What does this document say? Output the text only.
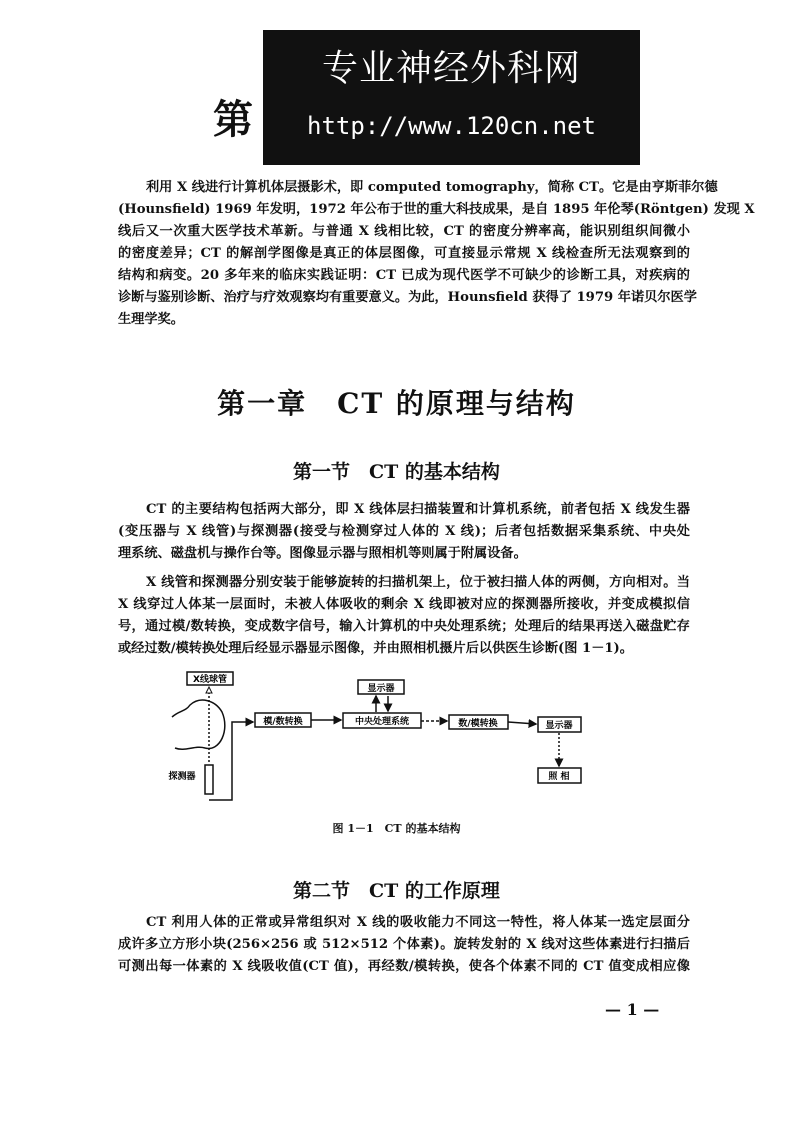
第
专业神经外科网
http://www.120cn.net
利用 X 线进行计算机体层摄影术，即 computed tomography，简称 CT。它是由亨斯菲尔德
(Hounsfield) 1969 年发明，1972 年公布于世的重大科技成果，是自 1895 年伦琴(Röntgen) 发现 X
线后又一次重大医学技术革新。与普通 X 线相比较，CT 的密度分辨率高，能识别组织间微小
的密度差异；CT 的解剖学图像是真正的体层图像，可直接显示常规 X 线检查所无法观察到的
结构和病变。20 多年来的临床实践证明：CT 已成为现代医学不可缺少的诊断工具，对疾病的
诊断与鉴别诊断、治疗与疗效观察均有重要意义。为此，Hounsfield 获得了 1979 年诺贝尔医学
生理学奖。
第一章　CT 的原理与结构
第一节　CT 的基本结构
CT 的主要结构包括两大部分，即 X 线体层扫描装置和计算机系统，前者包括 X 线发生器
(变压器与 X 线管)与探测器(接受与检测穿过人体的 X 线)；后者包括数据采集系统、中央处
理系统、磁盘机与操作台等。图像显示器与照相机等则属于附属设备。
X 线管和探测器分别安装于能够旋转的扫描机架上，位于被扫描人体的两侧，方向相对。当
X 线穿过人体某一层面时，未被人体吸收的剩余 X 线即被对应的探测器所接收，并变成模拟信
号，通过模/数转换，变成数字信号，输入计算机的中央处理系统；处理后的结果再送入磁盘贮存
或经过数/模转换处理后经显示器显示图像，并由照相机摄片后以供医生诊断(图 1－1)。
X线球管
显示器
模/数转换	中央处理系统	数/模转换	显示器
照 相
探测器
图 1－1　CT 的基本结构
第二节　CT 的工作原理
CT 利用人体的正常或异常组织对 X 线的吸收能力不同这一特性，将人体某一选定层面分
成许多立方形小块(256×256 或 512×512 个体素)。旋转发射的 X 线对这些体素进行扫描后
可测出每一体素的 X 线吸收值(CT 值)，再经数/模转换，使各个体素不同的 CT 值变成相应像
— 1 —
